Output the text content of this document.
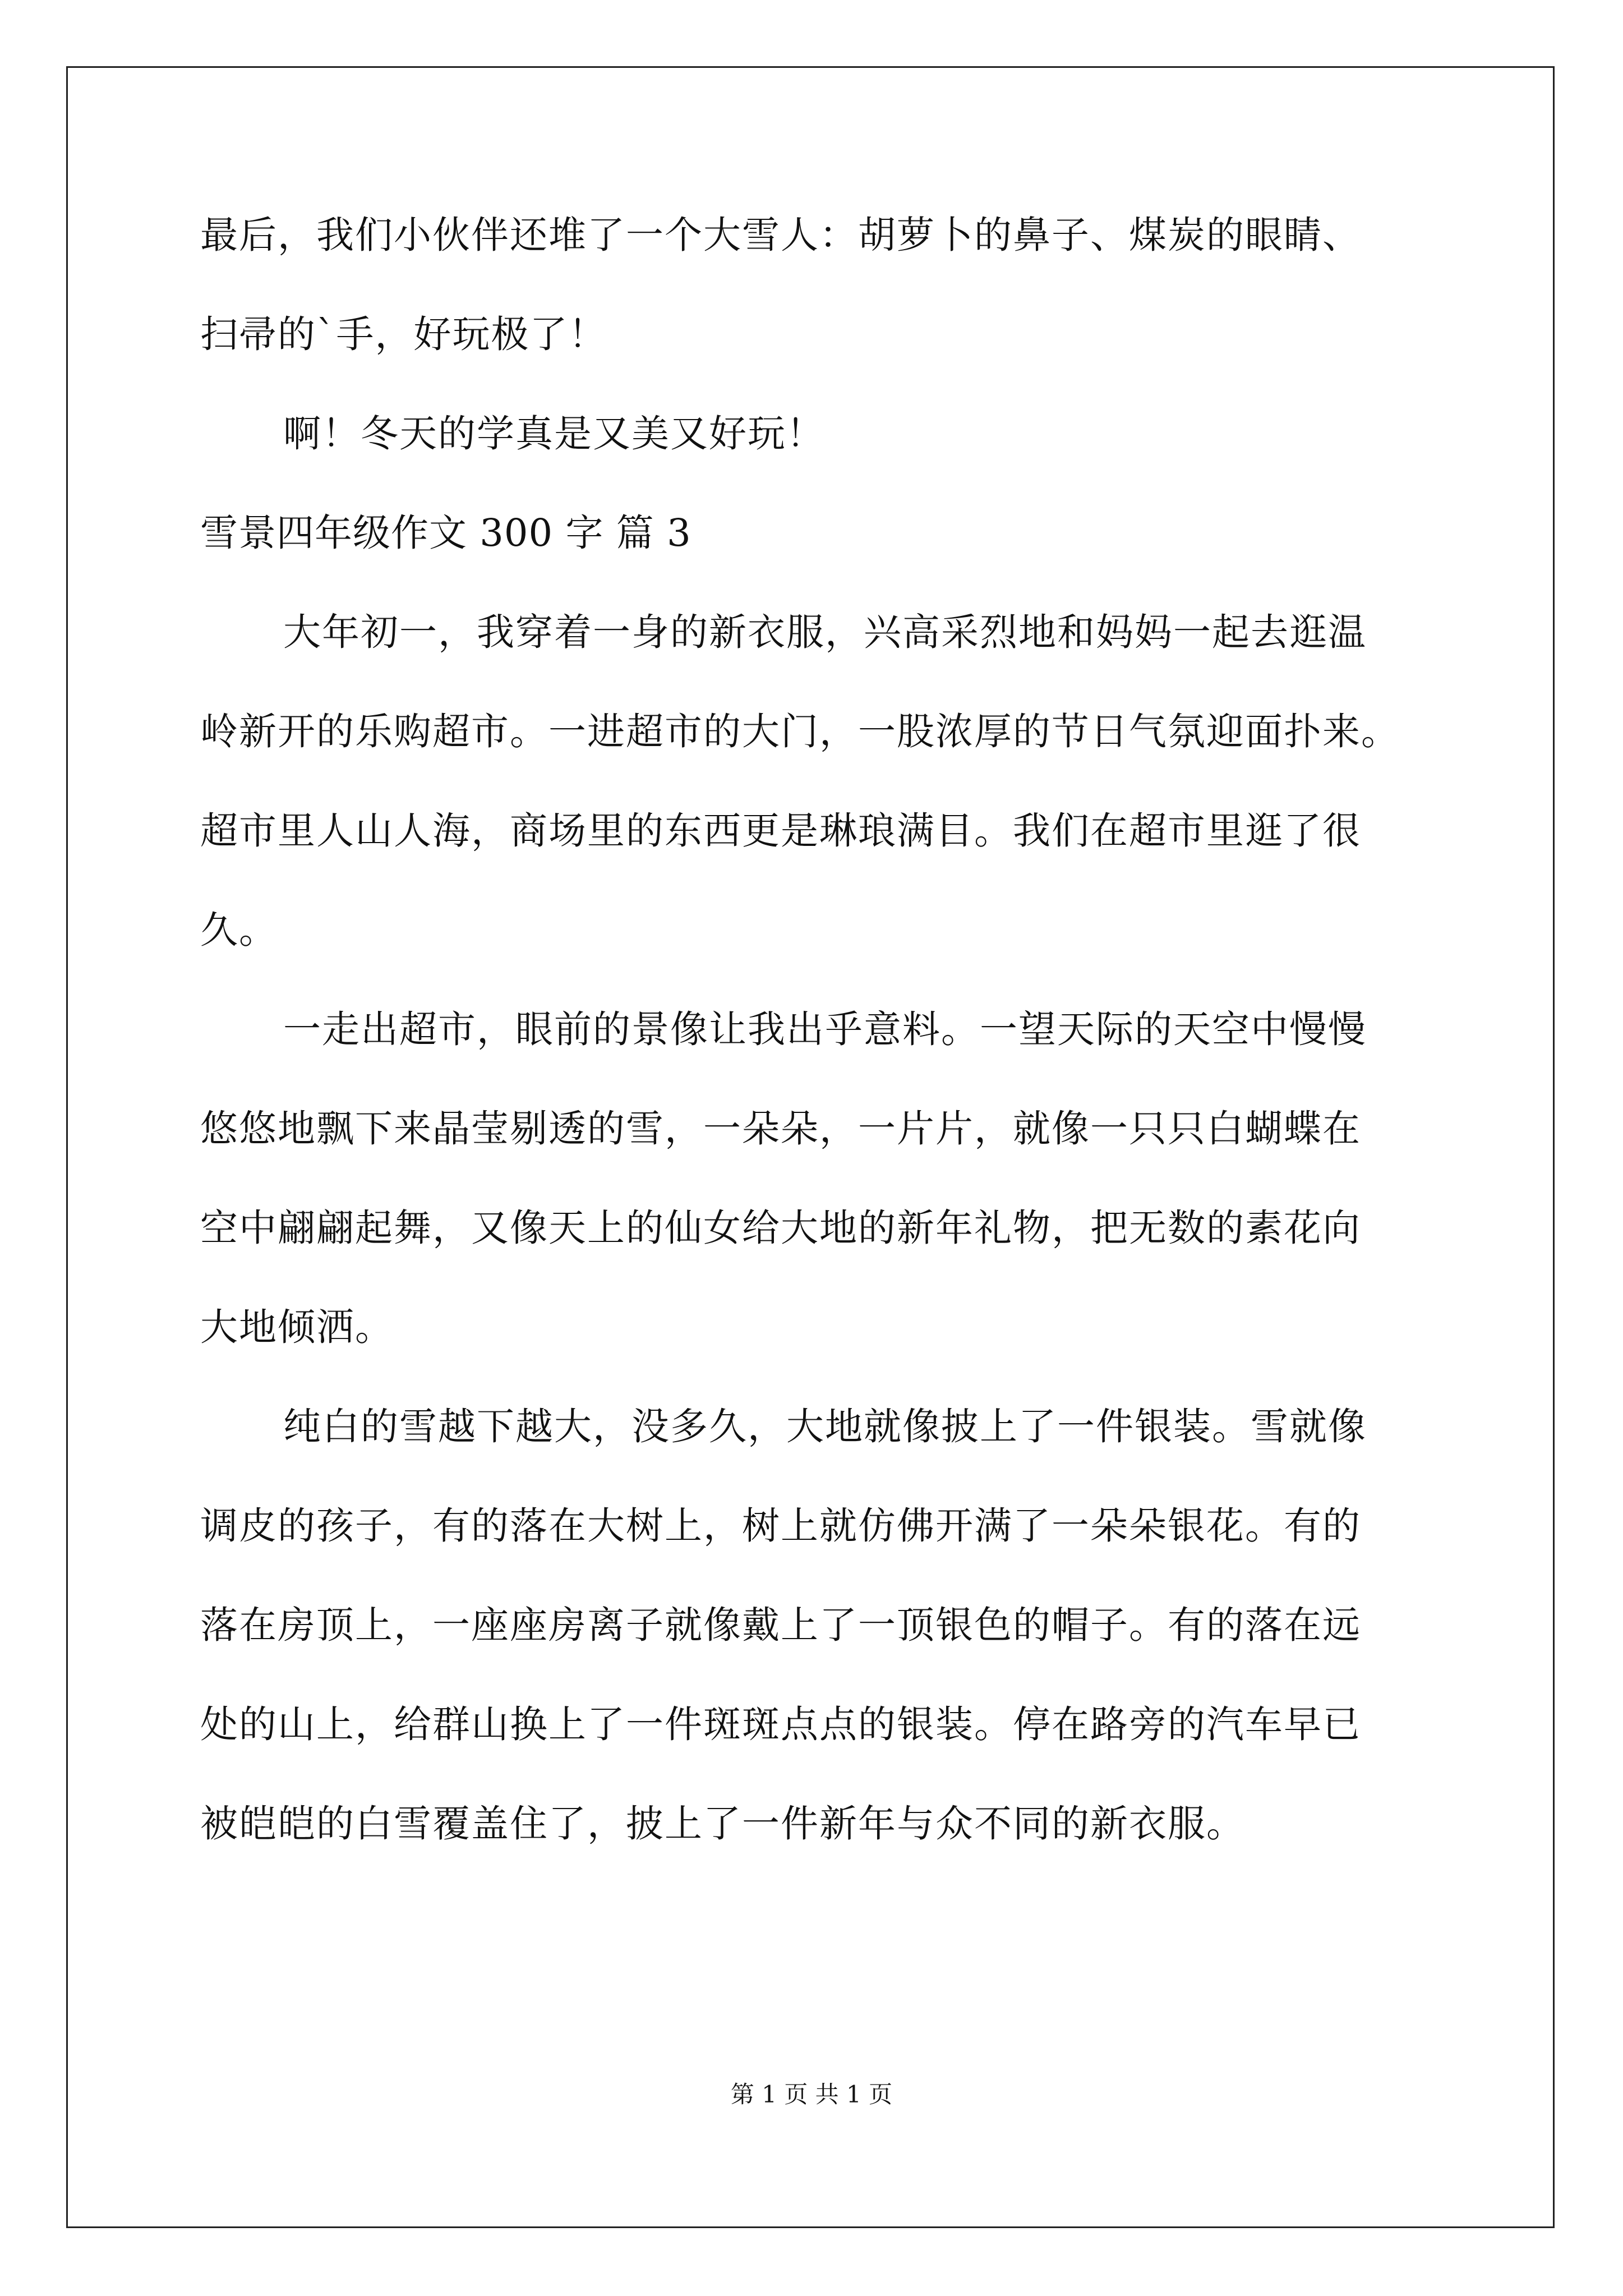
最后，我们小伙伴还堆了一个大雪人：胡萝卜的鼻子、煤炭的眼睛、
扫帚的`手，好玩极了！
啊！冬天的学真是又美又好玩！
雪景四年级作文 300 字 篇 3
大年初一，我穿着一身的新衣服，兴高采烈地和妈妈一起去逛温
岭新开的乐购超市。一进超市的大门，一股浓厚的节日气氛迎面扑来。
超市里人山人海，商场里的东西更是琳琅满目。我们在超市里逛了很
久。
一走出超市，眼前的景像让我出乎意料。一望天际的天空中慢慢
悠悠地飘下来晶莹剔透的雪，一朵朵，一片片，就像一只只白蝴蝶在
空中翩翩起舞，又像天上的仙女给大地的新年礼物，把无数的素花向
大地倾洒。
纯白的雪越下越大，没多久，大地就像披上了一件银装。雪就像
调皮的孩子，有的落在大树上，树上就仿佛开满了一朵朵银花。有的
落在房顶上，一座座房离子就像戴上了一顶银色的帽子。有的落在远
处的山上，给群山换上了一件斑斑点点的银装。停在路旁的汽车早已
被皑皑的白雪覆盖住了，披上了一件新年与众不同的新衣服。
第 1 页 共 1 页
